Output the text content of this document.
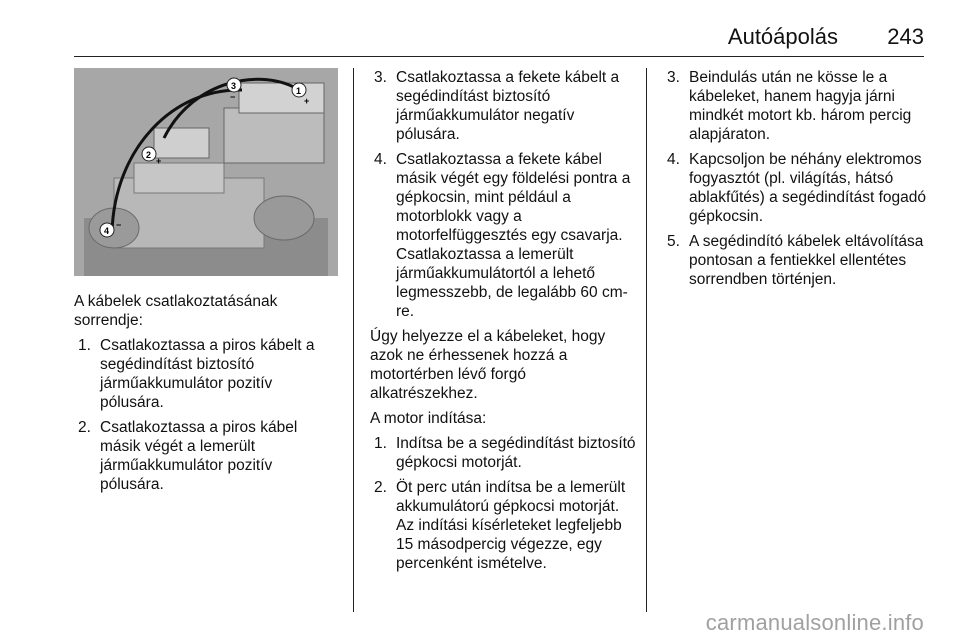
Autóápolás 243
1
+
3
−
2
+
4
−

A kábelek csatlakoztatásának sorrendje:

1. Csatlakoztassa a piros kábelt a segédindítást biztosító járműakkumulátor pozitív pólusára.
2. Csatlakoztassa a piros kábel másik végét a lemerült járműakkumulátor pozitív pólusára.
3. Csatlakoztassa a fekete kábelt a segédindítást biztosító járműakkumulátor negatív pólusára.
4. Csatlakoztassa a fekete kábel másik végét egy földelési pontra a gépkocsin, mint például a motorblokk vagy a motorfelfüggesztés egy csavarja. Csatlakoztassa a lemerült járműakkumulátortól a lehető legmesszebb, de legalább 60 cm-re.

Úgy helyezze el a kábeleket, hogy azok ne érhessenek hozzá a motortérben lévő forgó alkatrészekhez.

A motor indítása:

1. Indítsa be a segédindítást biztosító gépkocsi motorját.
2. Öt perc után indítsa be a lemerült akkumulátorú gépkocsi motorját. Az indítási kísérleteket legfeljebb 15 másodpercig végezze, egy percenként ismételve.
3. Beindulás után ne kösse le a kábeleket, hanem hagyja járni mindkét motort kb. három percig alapjáraton.
4. Kapcsoljon be néhány elektromos fogyasztót (pl. világítás, hátsó ablakfűtés) a segédindítást fogadó gépkocsin.
5. A segédindító kábelek eltávolítása pontosan a fentiekkel ellentétes sorrendben történjen.
carmanualsonline.info
